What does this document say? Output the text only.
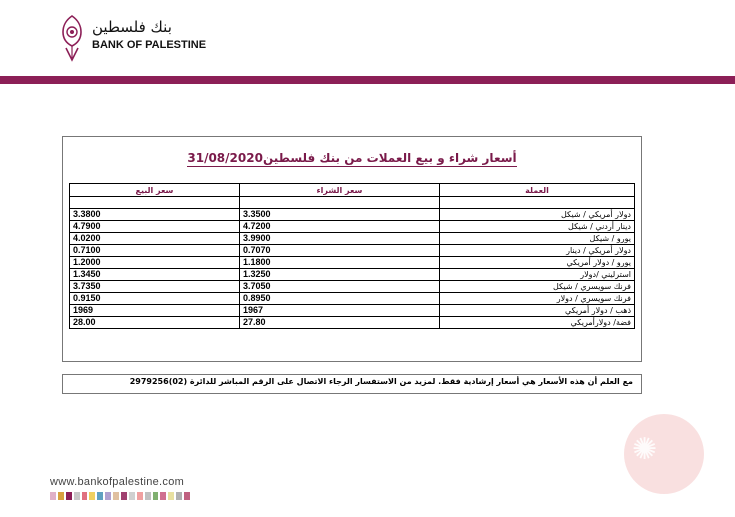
بنك فلسطين
BANK OF PALESTINE
أسعار شراء و بيع العملات من بنك فلسطين31/08/2020
العملة	سعر الشراء	سعر البيع

دولار أمريكي / شيكل	3.3500	3.3800
دينار أردني / شيكل	4.7200	4.7900
يورو / شيكل	3.9900	4.0200
دولار أمريكي / دينار	0.7070	0.7100
يورو / دولار أمريكي	1.1800	1.2000
استرليني /دولار	1.3250	1.3450
فرنك سويسري / شيكل	3.7050	3.7350
فرنك سويسري / دولار	0.8950	0.9150
ذهب / دولار أمريكي	1967	1969
فضة/ دولارأمريكي	27.80	28.00
مع العلم أن هذه الأسعار هي أسعار إرشادية فقط. لمزيد من الاستفسار الرجاء الاتصال على الرقم المباشر للدائرة (02)2979256
✺
www.bankofpalestine.com
